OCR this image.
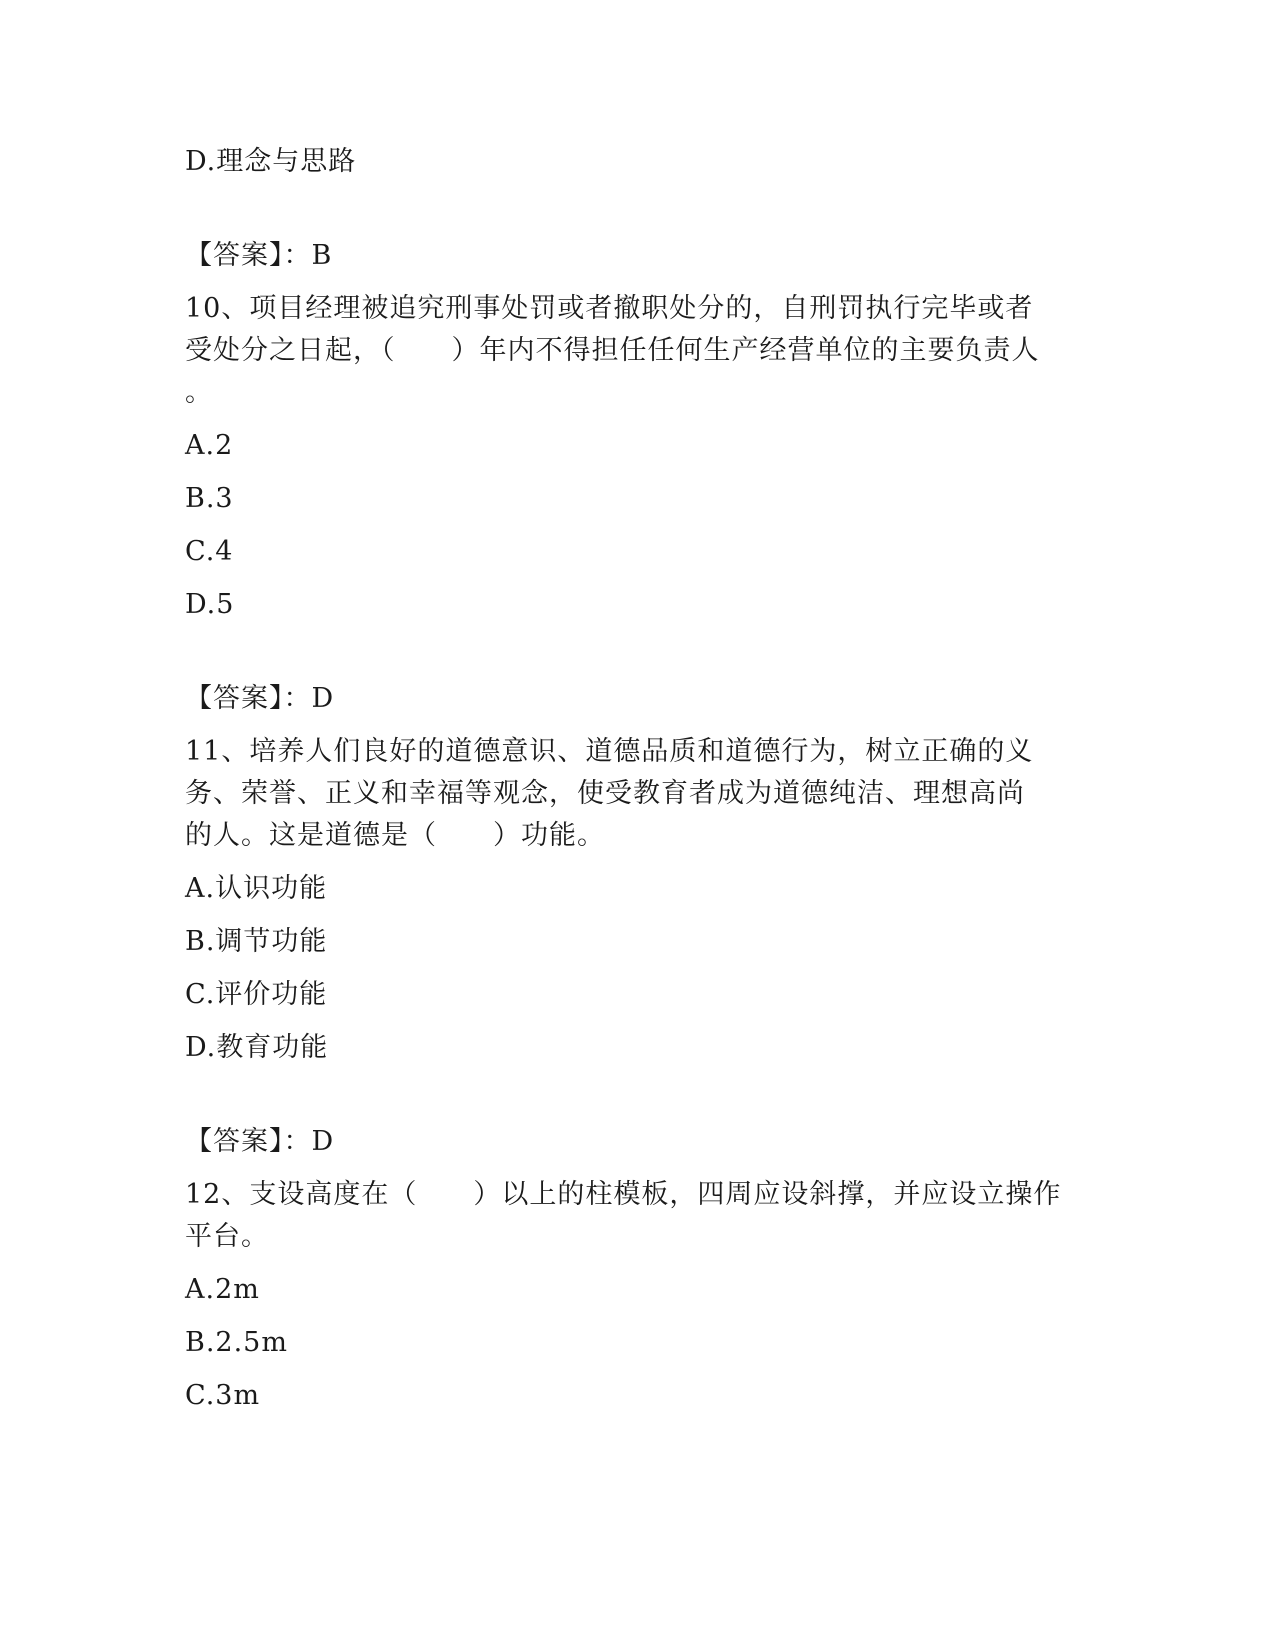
D.理念与思路
【答案】：B
10、项目经理被追究刑事处罚或者撤职处分的，自刑罚执行完毕或者
受处分之日起，（　　）年内不得担任任何生产经营单位的主要负责人
。
A.2
B.3
C.4
D.5
【答案】：D
11、培养人们良好的道德意识、道德品质和道德行为，树立正确的义
务、荣誉、正义和幸福等观念，使受教育者成为道德纯洁、理想高尚
的人。这是道德是（　　）功能。
A.认识功能
B.调节功能
C.评价功能
D.教育功能
【答案】：D
12、支设高度在（　　）以上的柱模板，四周应设斜撑，并应设立操作
平台。
A.2m
B.2.5m
C.3m
